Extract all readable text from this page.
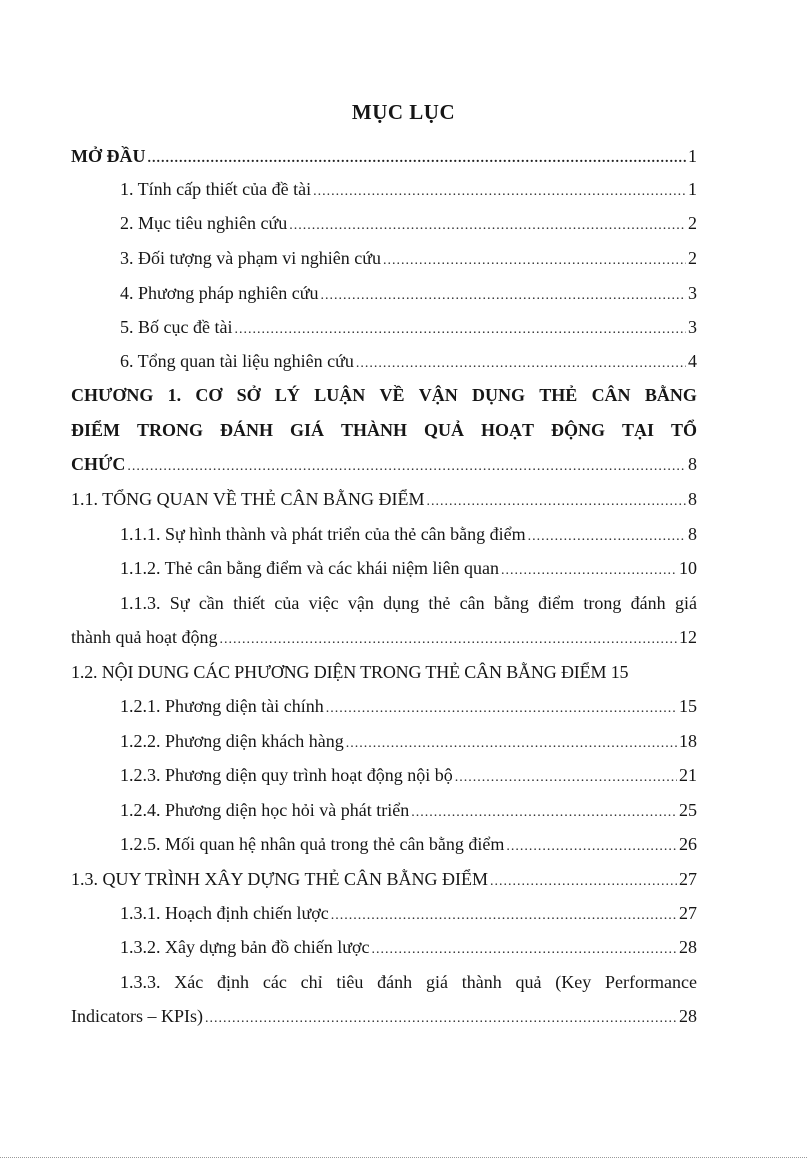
MỤC LỤC
MỞ ĐẦU .....	1
1. Tính cấp thiết của đề tài .....	1
2. Mục tiêu nghiên cứu .....	2
3. Đối tượng và phạm vi nghiên cứu .....	2
4. Phương pháp nghiên cứu .....	3
5. Bố cục đề tài .....	3
6. Tổng quan tài liệu nghiên cứu .....	4
CHƯƠNG 1. CƠ SỞ LÝ LUẬN VỀ VẬN DỤNG THẺ CÂN BẰNG
ĐIỂM TRONG ĐÁNH GIÁ THÀNH QUẢ HOẠT ĐỘNG TẠI TỔ
CHỨC .....	8
1.1. TỔNG QUAN VỀ THẺ CÂN BẰNG ĐIỂM .....	8
1.1.1. Sự hình thành và phát triển của thẻ cân bằng điểm .....	8
1.1.2. Thẻ cân bằng điểm và các khái niệm liên quan .....	10
1.1.3. Sự cần thiết của việc vận dụng thẻ cân bằng điểm trong đánh giá
thành quả hoạt động .....	12
1.2. NỘI DUNG CÁC PHƯƠNG DIỆN TRONG THẺ CÂN BẰNG ĐIỂM 15
1.2.1. Phương diện tài chính .....	15
1.2.2. Phương diện khách hàng .....	18
1.2.3. Phương diện quy trình hoạt động nội bộ .....	21
1.2.4. Phương diện học hỏi và phát triển .....	25
1.2.5. Mối quan hệ nhân quả trong thẻ cân bằng điểm .....	26
1.3. QUY TRÌNH XÂY DỰNG THẺ CÂN BẰNG ĐIỂM .....	27
1.3.1. Hoạch định chiến lược .....	27
1.3.2. Xây dựng bản đồ chiến lược .....	28
1.3.3. Xác định các chỉ tiêu đánh giá thành quả (Key Performance
Indicators – KPIs) .....	28
